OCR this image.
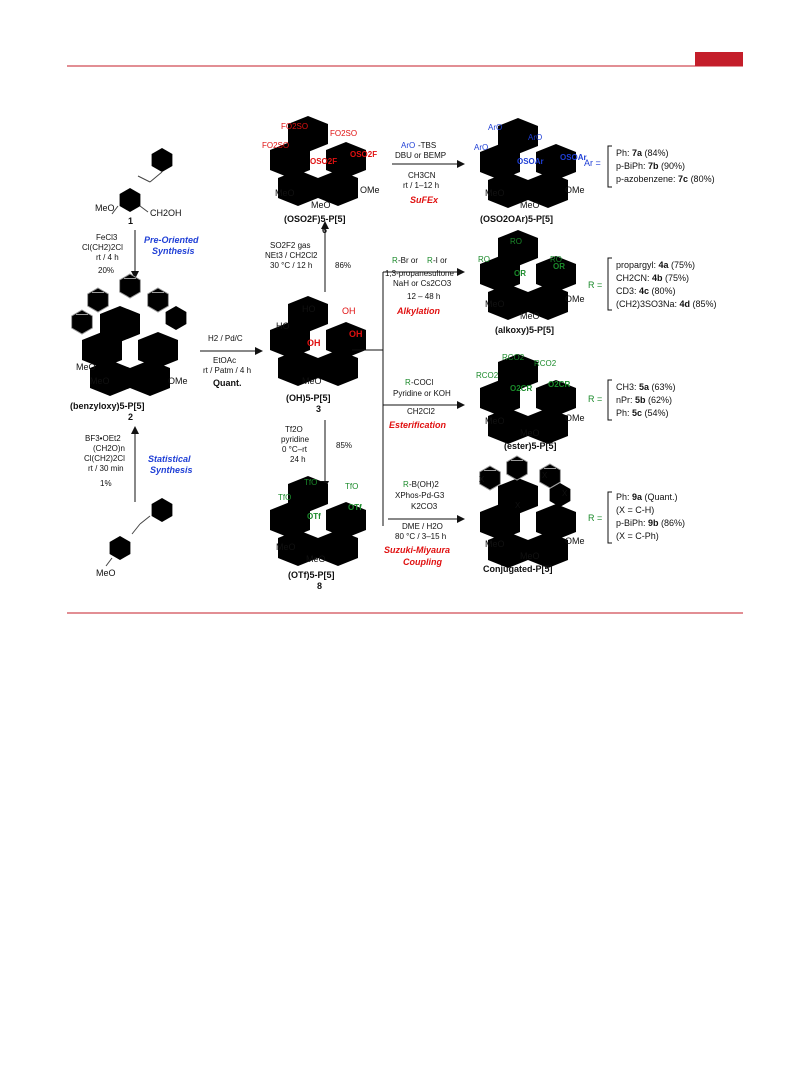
CH2OH
MeO
1
FeCl3
Cl(CH2)2Cl
rt / 4 h
20%
Pre-Oriented
Synthesis
MeO
MeO	OMe
(benzyloxy)5-P[5]
2
BF3•OEt2
(CH2O)n
Cl(CH2)2Cl
rt / 30 min
1%
Statistical
Synthesis
MeO
H2 / Pd/C
EtOAc
rt / Patm / 4 h
Quant.
HO
HO
OH
OH
OH
MeO
(OH)5-P[5]
3
SO2F2 gas
NEt3 / CH2Cl2
30 °C / 12 h	86%
FO2SO
FO2SO
FO2SO
OSO2F
OSO2F
MeO
MeO
OMe
(OSO2F)5-P[5]
6
ArO -TBS
DBU or BEMP
CH3CN
rt / 1–12 h
SuFEx
ArO
ArO
ArO
OSOAr OSOAr
MeO
MeO
OMe
(OSO2OAr)5-P[5]
Ar =
Ph: 7a (84%)
p-BiPh: 7b (90%)
p-azobenzene: 7c (80%)
R -Br or R -I or
1,3-propanesultone
NaH or Cs2CO3
12 – 48 h
Alkylation
RO
RO	RO
OR
OR
MeO
MeO
OMe
(alkoxy)5-P[5]
R =
propargyl: 4a (75%)
CH2CN: 4b (75%)
CD3: 4c (80%)
(CH2)3SO3Na: 4d (85%)
R -COCl
Pyridine or KOH
CH2Cl2
Esterification
RCO2
RCO2
RCO2
O2CR O2CR
MeO
MeO
OMe
(ester)5-P[5]
R =
CH3: 5a (63%)
nPr: 5b (62%)
Ph: 5c (54%)
Tf2O
pyridine
0 °C–rt
24 h
85%
TfO	TfO
TfO
OTf
OTf
MeO
MeO
(OTf)5-P[5]
8
R -B(OH)2
XPhos-Pd-G3
K2CO3
DME / H2O
80 °C / 3–15 h
Suzuki-Miyaura
Coupling
X	X
X
X
MeO
MeO
OMe
Conjugated-P[5]
R =
Ph: 9a (Quant.)
(X = C-H)
p-BiPh: 9b (86%)
(X = C-Ph)
